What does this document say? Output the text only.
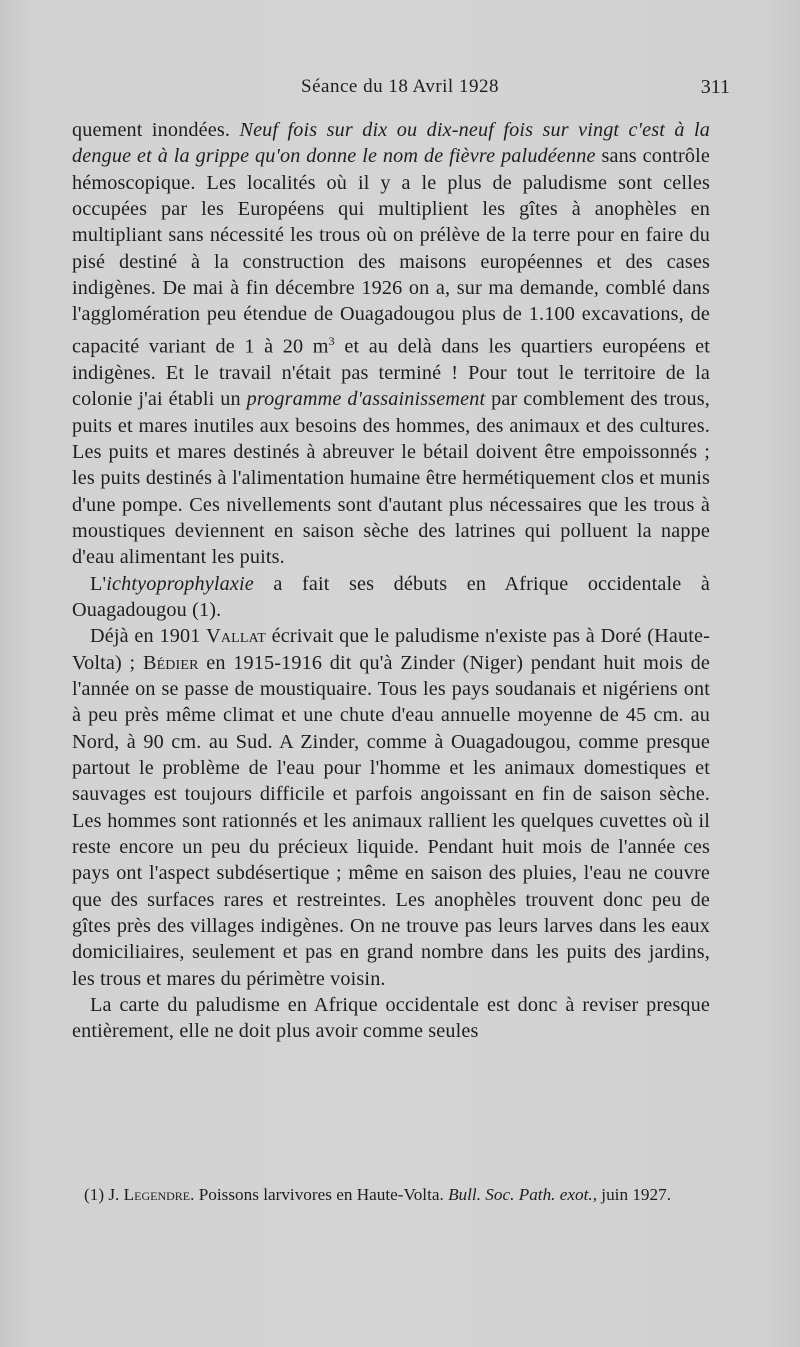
Séance du 18 Avril 1928	311

quement inondées. Neuf fois sur dix ou dix-neuf fois sur vingt c'est à la dengue et à la grippe qu'on donne le nom de fièvre paludéenne sans contrôle hémoscopique. Les localités où il y a le plus de paludisme sont celles occupées par les Européens qui multiplient les gîtes à anophèles en multipliant sans nécessité les trous où on prélève de la terre pour en faire du pisé destiné à la construction des maisons européennes et des cases indigènes. De mai à fin décembre 1926 on a, sur ma demande, comblé dans l'agglomération peu étendue de Ouagadougou plus de 1.100 excavations, de capacité variant de 1 à 20 $m^3$ et au delà dans les quartiers européens et indigènes. Et le travail n'était pas terminé ! Pour tout le territoire de la colonie j'ai établi un programme d'assainissement par comblement des trous, puits et mares inutiles aux besoins des hommes, des animaux et des cultures. Les puits et mares destinés à abreuver le bétail doivent être empoissonnés ; les puits destinés à l'alimentation humaine être hermétiquement clos et munis d'une pompe. Ces nivellements sont d'autant plus nécessaires que les trous à moustiques deviennent en saison sèche des latrines qui polluent la nappe d'eau alimentant les puits.

L'ichtyoprophylaxie a fait ses débuts en Afrique occidentale à Ouagadougou (1).

Déjà en 1901 Vallat écrivait que le paludisme n'existe pas à Doré (Haute-Volta) ; Bédier en 1915-1916 dit qu'à Zinder (Niger) pendant huit mois de l'année on se passe de moustiquaire. Tous les pays soudanais et nigériens ont à peu près même climat et une chute d'eau annuelle moyenne de 45 cm. au Nord, à 90 cm. au Sud. A Zinder, comme à Ouagadougou, comme presque partout le problème de l'eau pour l'homme et les animaux domestiques et sauvages est toujours difficile et parfois angoissant en fin de saison sèche. Les hommes sont rationnés et les animaux rallient les quelques cuvettes où il reste encore un peu du précieux liquide. Pendant huit mois de l'année ces pays ont l'aspect subdésertique ; même en saison des pluies, l'eau ne couvre que des surfaces rares et restreintes. Les anophèles trouvent donc peu de gîtes près des villages indigènes. On ne trouve pas leurs larves dans les eaux domiciliaires, seulement et pas en grand nombre dans les puits des jardins, les trous et mares du périmètre voisin.

La carte du paludisme en Afrique occidentale est donc à reviser presque entièrement, elle ne doit plus avoir comme seules

(1) J. Legendre. Poissons larvivores en Haute-Volta. Bull. Soc. Path. exot., juin 1927.
